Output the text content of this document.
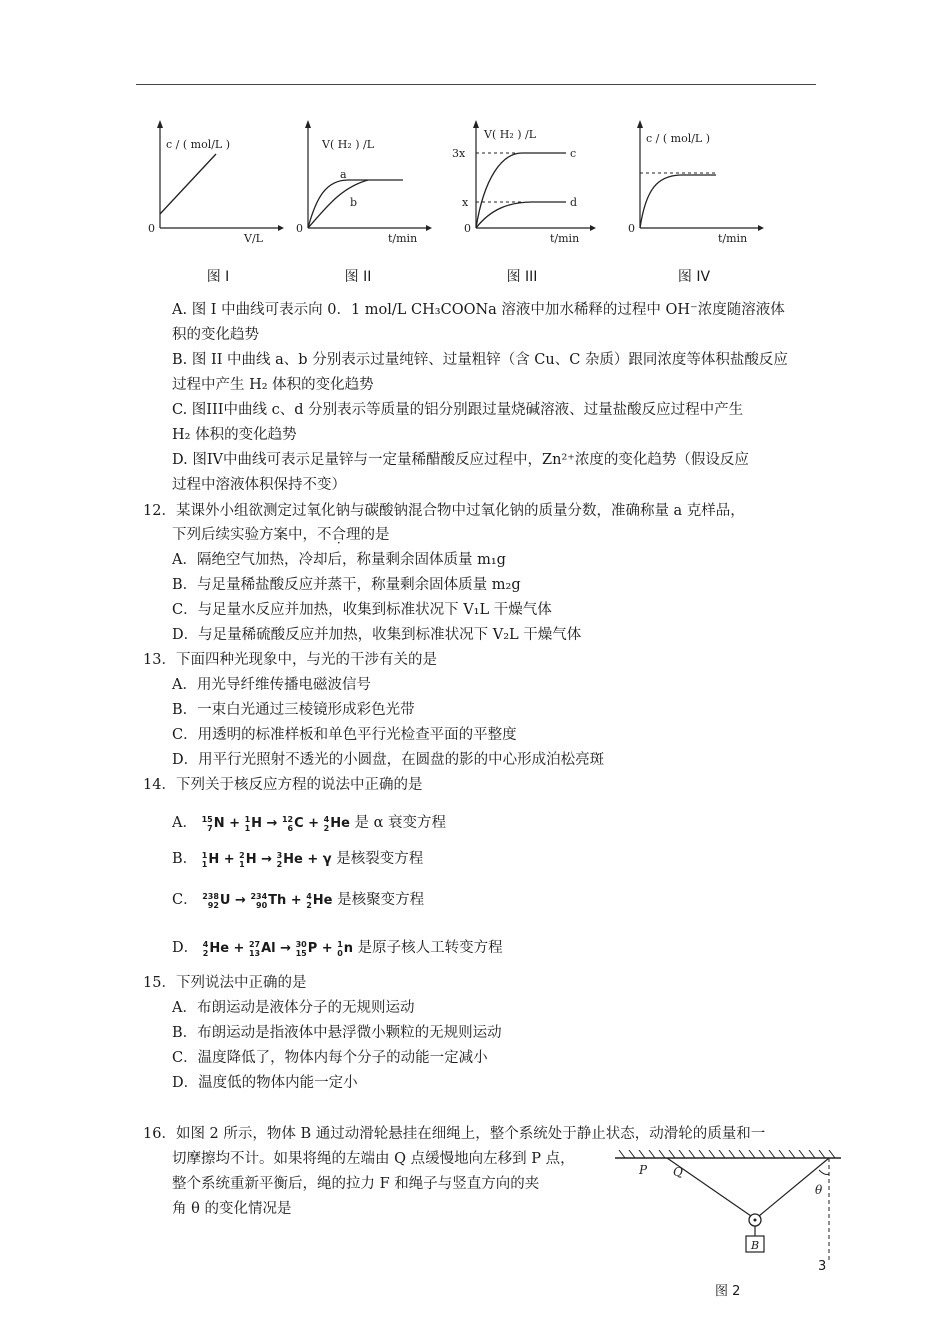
c / ( mol/L )
V/L
0
图 I
V( H₂ ) /L
a
b
t/min
0
图 II
V( H₂ ) /L
3x
x
c
d
t/min
0
图 III
c / ( mol/L )
t/min
0
图 IV
A. 图 I 中曲线可表示向 0．1 mol/L CH₃COONa 溶液中加水稀释的过程中 OH⁻浓度随溶液体
积的变化趋势
B. 图 II 中曲线 a、b 分别表示过量纯锌、过量粗锌（含 Cu、C 杂质）跟同浓度等体积盐酸反应
过程中产生 H₂ 体积的变化趋势
C. 图III中曲线 c、d 分别表示等质量的铝分别跟过量烧碱溶液、过量盐酸反应过程中产生
H₂ 体积的变化趋势
D. 图IV中曲线可表示足量锌与一定量稀醋酸反应过程中，Zn²⁺浓度的变化趋势（假设反应
过程中溶液体积保持不变）
12．某课外小组欲测定过氧化钠与碳酸钠混合物中过氧化钠的质量分数，准确称量 a 克样品，
下列后续实验方案中，不合理的是
A．隔绝空气加热，冷却后，称量剩余固体质量 m₁g
B．与足量稀盐酸反应并蒸干，称量剩余固体质量 m₂g
C．与足量水反应并加热，收集到标准状况下 V₁L 干燥气体
D．与足量稀硫酸反应并加热，收集到标准状况下 V₂L 干燥气体
13．下面四种光现象中，与光的干涉有关的是
A．用光导纤维传播电磁波信号
B．一束白光通过三棱镜形成彩色光带
C．用透明的标准样板和单色平行光检查平面的平整度
D．用平行光照射不透光的小圆盘，在圆盘的影的中心形成泊松亮斑
14．下列关于核反应方程的说法中正确的是
A． 15
7N + 1
1H → 12
6C + 4
2He 是 α 衰变方程
B． 1
1H + 2
1H → 3
2He + γ 是核裂变方程
C． 238
92U → 234
90Th + 4
2He 是核聚变方程
D． 4
2He + 27
13Al → 30
15P + 1
0n 是原子核人工转变方程
15．下列说法中正确的是
A．布朗运动是液体分子的无规则运动
B．布朗运动是指液体中悬浮微小颗粒的无规则运动
C．温度降低了，物体内每个分子的动能一定减小
D．温度低的物体内能一定小
16．如图 2 所示，物体 B 通过动滑轮悬挂在细绳上，整个系统处于静止状态，动滑轮的质量和一
切摩擦均不计。如果将绳的左端由 Q 点缓慢地向左移到 P 点，
整个系统重新平衡后，绳的拉力 F 和绳子与竖直方向的夹
角 θ 的变化情况是
P Q
θ
B
图 2
3
